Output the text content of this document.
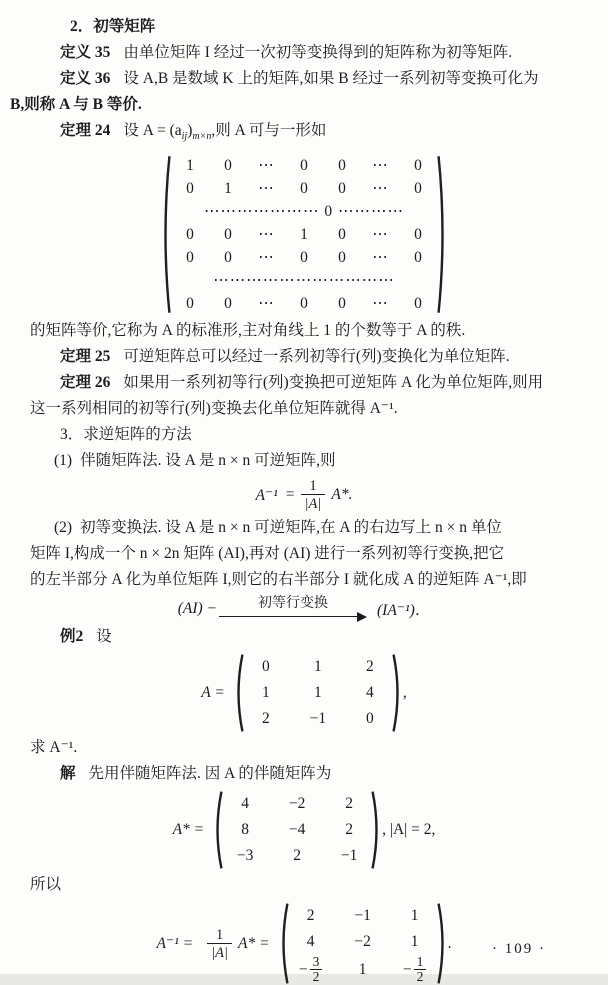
2．初等矩阵
定义 35 由单位矩阵 I 经过一次初等变换得到的矩阵称为初等矩阵.
定义 36 设 A,B 是数域 K 上的矩阵,如果 B 经过一系列初等变换可化为
B,则称 A 与 B 等价.
定理 24 设 $A = (a_{ij})_{m\times n}$,则 A 可与一形如
1	0	⋯	0	0	⋯	0
0	1	⋯	0	0	⋯	0
⋯⋯⋯⋯⋯⋯⋯ 0 ⋯⋯⋯⋯
0	0	⋯	1	0	⋯	0
0	0	⋯	0	0	⋯	0
⋯⋯⋯⋯⋯⋯⋯⋯⋯⋯⋯
0	0	⋯	0	0	⋯	0
的矩阵等价,它称为 A 的标准形,主对角线上 1 的个数等于 A 的秩.
定理 25 可逆矩阵总可以经过一系列初等行(列)变换化为单位矩阵.
定理 26 如果用一系列初等行(列)变换把可逆矩阵 A 化为单位矩阵,则用
这一系列相同的初等行(列)变换去化单位矩阵就得 A⁻¹.
3．求逆矩阵的方法
(1) 伴随矩阵法. 设 A 是 n × n 可逆矩阵,则
$A^{-1} = \frac{1}{|A|} A*$.
(2) 初等变换法. 设 A 是 n × n 可逆矩阵,在 A 的右边写上 n × n 单位
矩阵 I,构成一个 n × 2n 矩阵 (AI),再对 (AI) 进行一系列初等行变换,把它
的左半部分 A 化为单位矩阵 I,则它的右半部分 I 就化成 A 的逆矩阵 A⁻¹,即
(AI) −	初等行变换	(IA⁻¹)．
例2 设
A =
0	1	2
1	1	4
2	−1	0
,
求 A⁻¹.
解 先用伴随矩阵法. 因 A 的伴随矩阵为
A* =
4	−2	2
8	−4	2
−3	2	−1
, |A| = 2,
所以
$A^{-1} = \frac{1}{|A|} A*$ =
2	−1	1
4	−2	1
− $\frac{3}{2}$	1	− $\frac{1}{2}$
.	· 109 ·
